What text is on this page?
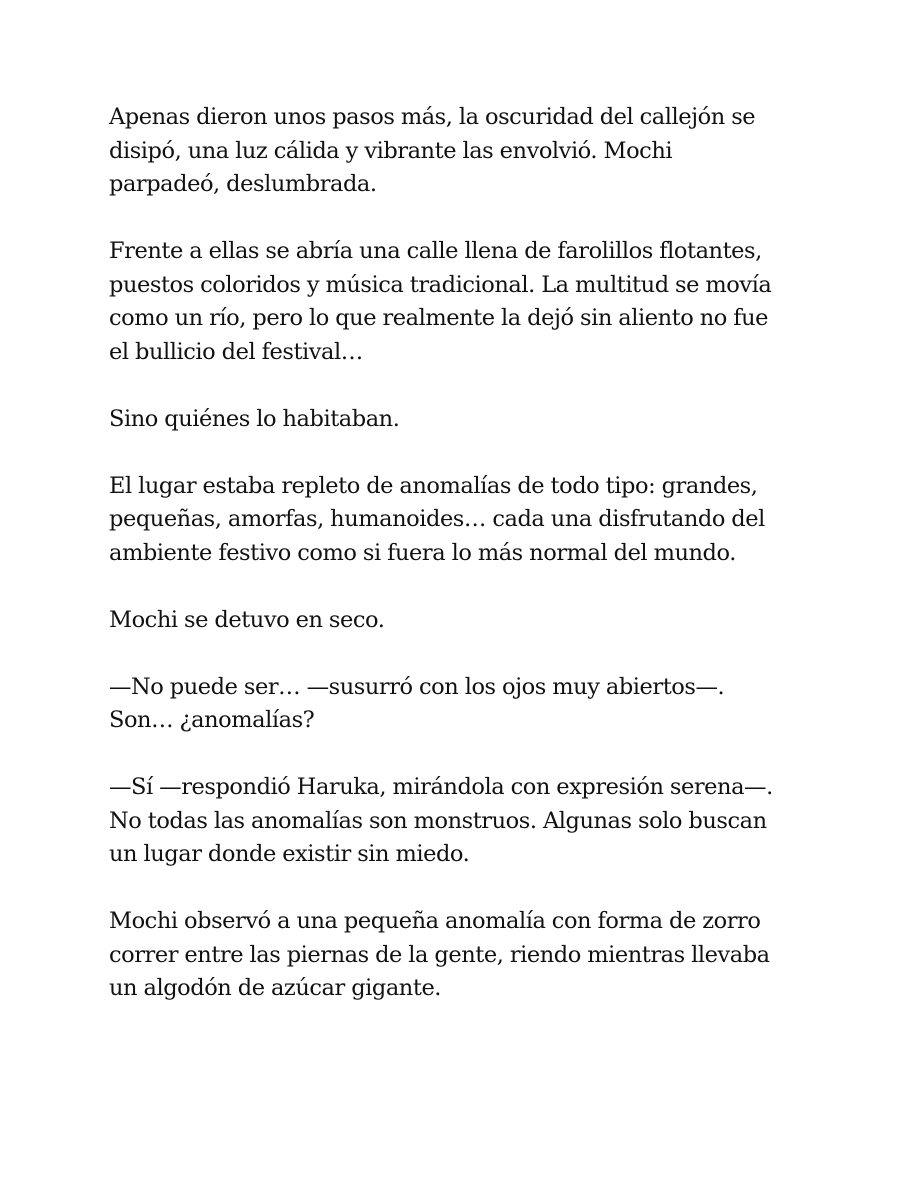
Apenas dieron unos pasos más, la oscuridad del callejón se
disipó, una luz cálida y vibrante las envolvió. Mochi
parpadeó, deslumbrada.

Frente a ellas se abría una calle llena de farolillos flotantes,
puestos coloridos y música tradicional. La multitud se movía
como un río, pero lo que realmente la dejó sin aliento no fue
el bullicio del festival…

Sino quiénes lo habitaban.

El lugar estaba repleto de anomalías de todo tipo: grandes,
pequeñas, amorfas, humanoides… cada una disfrutando del
ambiente festivo como si fuera lo más normal del mundo.

Mochi se detuvo en seco.

—No puede ser… —susurró con los ojos muy abiertos—.
Son… ¿anomalías?

—Sí —respondió Haruka, mirándola con expresión serena—.
No todas las anomalías son monstruos. Algunas solo buscan
un lugar donde existir sin miedo.

Mochi observó a una pequeña anomalía con forma de zorro
correr entre las piernas de la gente, riendo mientras llevaba
un algodón de azúcar gigante.
